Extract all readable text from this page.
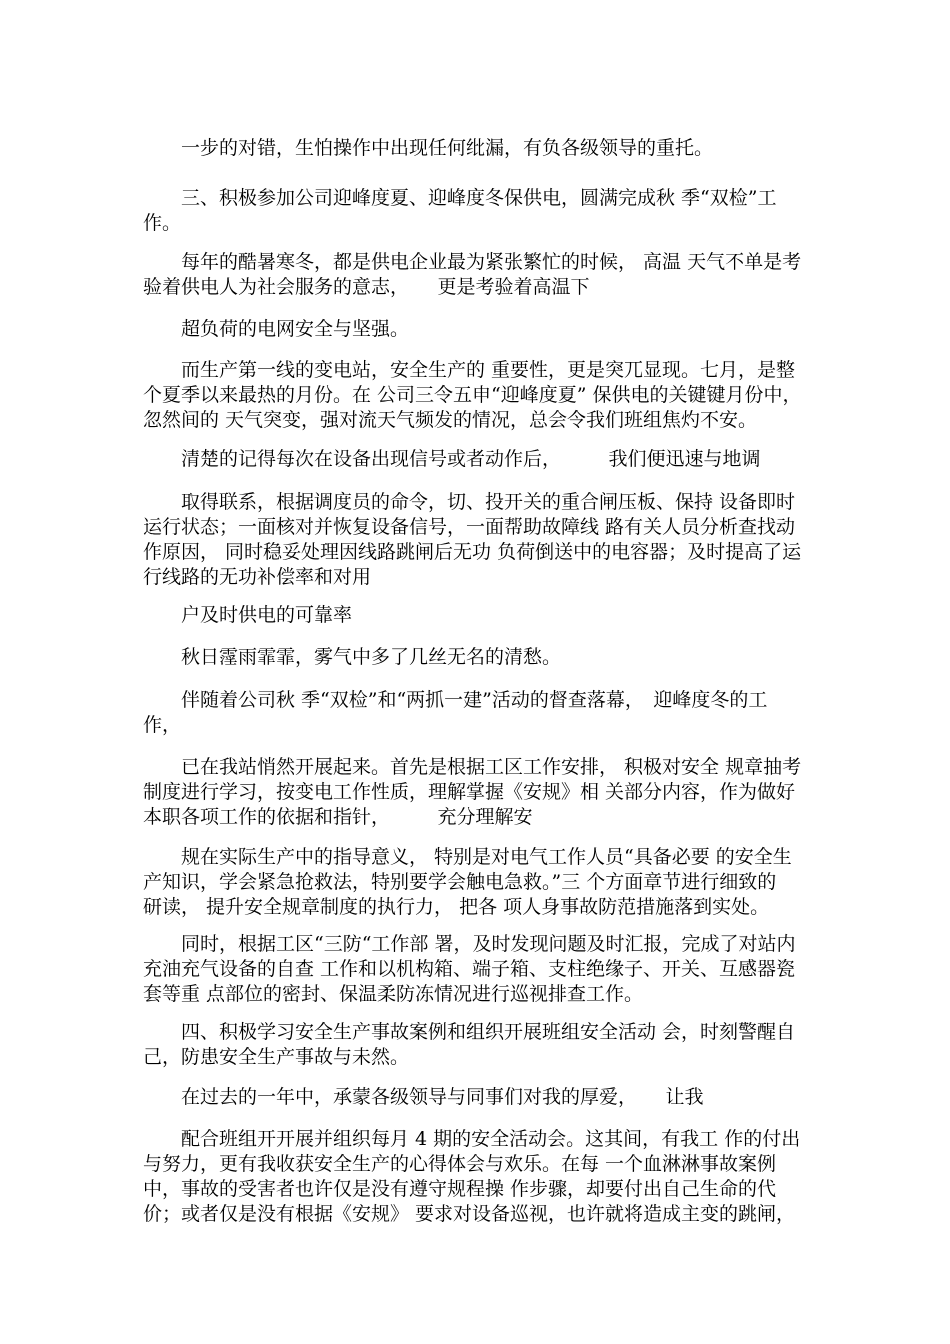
一步的对错，生怕操作中出现任何纰漏，有负各级领导的重托。

三、积极参加公司迎峰度夏、迎峰度冬保供电，圆满完成秋 季“双检”工
作。

每年的酷暑寒冬，都是供电企业最为紧张繁忙的时候， 高温 天气不单是考
验着供电人为社会服务的意志，　　更是考验着高温下

超负荷的电网安全与坚强。

而生产第一线的变电站，安全生产的 重要性，更是突兀显现。七月，是整
个夏季以来最热的月份。在 公司三令五申“迎峰度夏” 保供电的关键键月份中，
忽然间的 天气突变，强对流天气频发的情况，总会令我们班组焦灼不安。

清楚的记得每次在设备出现信号或者动作后，　　　我们便迅速与地调

取得联系，根据调度员的命令，切、投开关的重合闸压板、保持 设备即时
运行状态；一面核对并恢复设备信号，一面帮助故障线 路有关人员分析查找动
作原因， 同时稳妥处理因线路跳闸后无功 负荷倒送中的电容器；及时提高了运
行线路的无功补偿率和对用

户及时供电的可靠率

秋日霪雨霏霏，雾气中多了几丝无名的清愁。

伴随着公司秋 季“双检”和“两抓一建”活动的督查落幕，　迎峰度冬的工
作，

已在我站悄然开展起来。首先是根据工区工作安排， 积极对安全 规章抽考
制度进行学习，按变电工作性质，理解掌握《安规》相 关部分内容，作为做好
本职各项工作的依据和指针，　　　充分理解安

规在实际生产中的指导意义， 特别是对电气工作人员“具备必要 的安全生
产知识，学会紧急抢救法，特别要学会触电急救。”三 个方面章节进行细致的
研读， 提升安全规章制度的执行力， 把各 项人身事故防范措施落到实处。

同时，根据工区“三防“工作部 署，及时发现问题及时汇报，完成了对站内
充油充气设备的自查 工作和以机构箱、端子箱、支柱绝缘子、开关、互感器瓷
套等重 点部位的密封、保温柔防冻情况进行巡视排查工作。

四、积极学习安全生产事故案例和组织开展班组安全活动 会，时刻警醒自
己，防患安全生产事故与未然。

在过去的一年中，承蒙各级领导与同事们对我的厚爱，　　让我

配合班组开开展并组织每月 4 期的安全活动会。这其间，有我工 作的付出
与努力，更有我收获安全生产的心得体会与欢乐。在每 一个血淋淋事故案例
中，事故的受害者也许仅是没有遵守规程操 作步骤，却要付出自己生命的代
价；或者仅是没有根据《安规》 要求对设备巡视，也许就将造成主变的跳闸，
